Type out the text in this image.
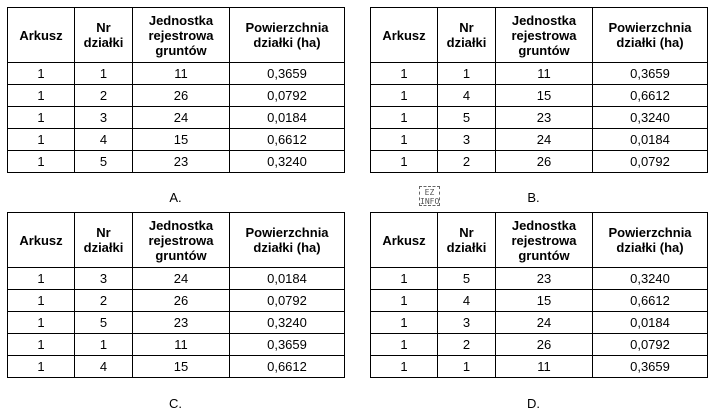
Arkusz	Nr działki	Jednostka rejestrowa gruntów	Powierzchnia działki (ha)
1	1	11	0,3659
1	2	26	0,0792
1	3	24	0,0184
1	4	15	0,6612
1	5	23	0,3240
A.
Arkusz	Nr działki	Jednostka rejestrowa gruntów	Powierzchnia działki (ha)
1	1	11	0,3659
1	4	15	0,6612
1	5	23	0,3240
1	3	24	0,0184
1	2	26	0,0792
B.
EZ
INFO
Arkusz	Nr działki	Jednostka rejestrowa gruntów	Powierzchnia działki (ha)
1	3	24	0,0184
1	2	26	0,0792
1	5	23	0,3240
1	1	11	0,3659
1	4	15	0,6612
C.
Arkusz	Nr działki	Jednostka rejestrowa gruntów	Powierzchnia działki (ha)
1	5	23	0,3240
1	4	15	0,6612
1	3	24	0,0184
1	2	26	0,0792
1	1	11	0,3659
D.
